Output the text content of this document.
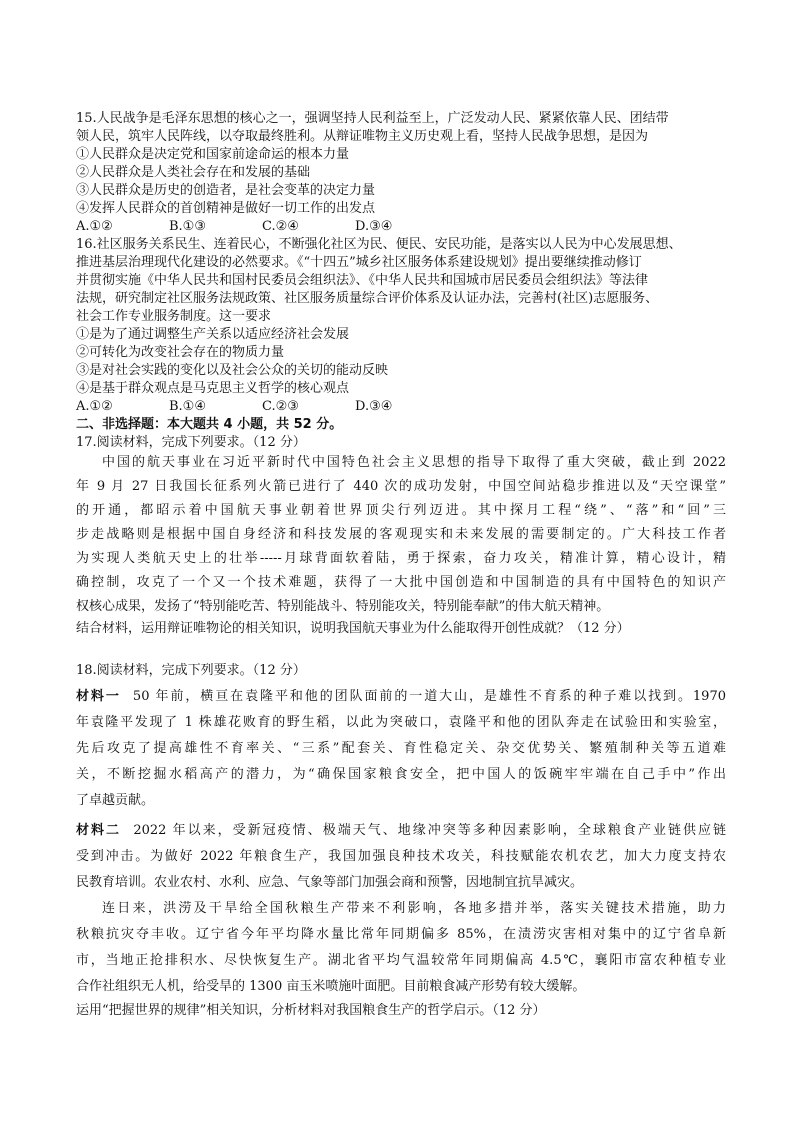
15.人民战争是毛泽东思想的核心之一，强调坚持人民利益至上，广泛发动人民、紧紧依靠人民、团结带
领人民，筑牢人民阵线，以夺取最终胜利。从辩证唯物主义历史观上看，坚持人民战争思想，是因为
①人民群众是决定党和国家前途命运的根本力量
②人民群众是人类社会存在和发展的基础
③人民群众是历史的创造者，是社会变革的决定力量
④发挥人民群众的首创精神是做好一切工作的出发点
A.①②	B.①③	C.②④	D.③④
16.社区服务关系民生、连着民心，不断强化社区为民、便民、安民功能，是落实以人民为中心发展思想、
推进基层治理现代化建设的必然要求。《“十四五”城乡社区服务体系建设规划》提出要继续推动修订
并贯彻实施《中华人民共和国村民委员会组织法》、《中华人民共和国城市居民委员会组织法》等法律
法规，研究制定社区服务法规政策、社区服务质量综合评价体系及认证办法，完善村(社区)志愿服务、
社会工作专业服务制度。这一要求
①是为了通过调整生产关系以适应经济社会发展
②可转化为改变社会存在的物质力量
③是对社会实践的变化以及社会公众的关切的能动反映
④是基于群众观点是马克思主义哲学的核心观点
A.①②	B.①④	C.②③	D.③④
二、非选择题：本大题共 4 小题，共 52 分。
17.阅读材料，完成下列要求。（12 分）
中国的航天事业在习近平新时代中国特色社会主义思想的指导下取得了重大突破，截止到 2022
年 9 月 27 日我国长征系列火箭已进行了 440 次的成功发射，中国空间站稳步推进以及“天空课堂”
的开通，都昭示着中国航天事业朝着世界顶尖行列迈进。其中探月工程“绕”、“落”和“回”三
步走战略则是根据中国自身经济和科技发展的客观现实和未来发展的需要制定的。广大科技工作者
为实现人类航天史上的壮举-----月球背面软着陆，勇于探索，奋力攻关，精准计算，精心设计，精
确控制，攻克了一个又一个技术难题，获得了一大批中国创造和中国制造的具有中国特色的知识产
权核心成果，发扬了“特别能吃苦、特别能战斗、特别能攻关，特别能奉献”的伟大航天精神。
结合材料，运用辩证唯物论的相关知识，说明我国航天事业为什么能取得开创性成就？（12 分）
18.阅读材料，完成下列要求。（12 分）
材料一 50 年前，横亘在袁隆平和他的团队面前的一道大山，是雄性不育系的种子难以找到。1970
年袁隆平发现了 1 株雄花败育的野生稻，以此为突破口，袁隆平和他的团队奔走在试验田和实验室，
先后攻克了提高雄性不育率关、“三系”配套关、育性稳定关、杂交优势关、繁殖制种关等五道难
关，不断挖掘水稻高产的潜力，为“确保国家粮食安全，把中国人的饭碗牢牢端在自己手中”作出
了卓越贡献。
材料二 2022 年以来，受新冠疫情、极端天气、地缘冲突等多种因素影响，全球粮食产业链供应链
受到冲击。为做好 2022 年粮食生产，我国加强良种技术攻关，科技赋能农机农艺，加大力度支持农
民教育培训。农业农村、水利、应急、气象等部门加强会商和预警，因地制宜抗旱减灾。
连日来，洪涝及干旱给全国秋粮生产带来不利影响，各地多措并举，落实关键技术措施，助力
秋粮抗灾夺丰收。辽宁省今年平均降水量比常年同期偏多 85%，在渍涝灾害相对集中的辽宁省阜新
市，当地正抢排积水、尽快恢复生产。湖北省平均气温较常年同期偏高 4.5℃，襄阳市富农种植专业
合作社组织无人机，给受旱的 1300 亩玉米喷施叶面肥。目前粮食减产形势有较大缓解。
运用“把握世界的规律”相关知识，分析材料对我国粮食生产的哲学启示。（12 分）
